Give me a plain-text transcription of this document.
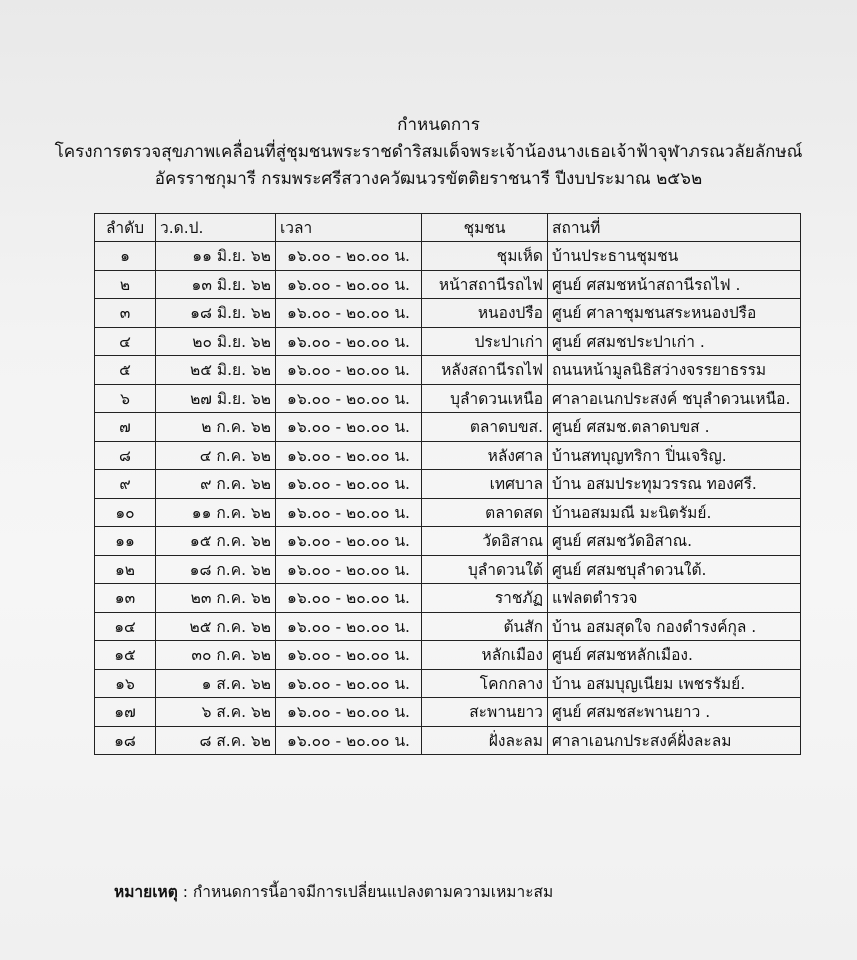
กำหนดการ
โครงการตรวจสุขภาพเคลื่อนที่สู่ชุมชนพระราชดำริสมเด็จพระเจ้าน้องนางเธอเจ้าฟ้าจุฬาภรณวลัยลักษณ์
อัครราชกุมารี กรมพระศรีสวางควัฒนวรขัตติยราชนารี ปีงบประมาณ ๒๕๖๒
ลำดับ	ว.ด.ป.	เวลา	ชุมชน	สถานที่
๑	๑๑ มิ.ย. ๖๒	๑๖.๐๐ - ๒๐.๐๐ น.	ชุมเห็ด	บ้านประธานชุมชน
๒	๑๓ มิ.ย. ๖๒	๑๖.๐๐ - ๒๐.๐๐ น.	หน้าสถานีรถไฟ	ศูนย์ ศสมชหน้าสถานีรถไฟ .
๓	๑๘ มิ.ย. ๖๒	๑๖.๐๐ - ๒๐.๐๐ น.	หนองปรือ	ศูนย์ ศาลาชุมชนสระหนองปรือ
๔	๒๐ มิ.ย. ๖๒	๑๖.๐๐ - ๒๐.๐๐ น.	ประปาเก่า	ศูนย์ ศสมชประปาเก่า .
๕	๒๕ มิ.ย. ๖๒	๑๖.๐๐ - ๒๐.๐๐ น.	หลังสถานีรถไฟ	ถนนหน้ามูลนิธิสว่างจรรยาธรรม
๖	๒๗ มิ.ย. ๖๒	๑๖.๐๐ - ๒๐.๐๐ น.	บุลำดวนเหนือ	ศาลาอเนกประสงค์ ชบุลำดวนเหนือ.
๗	๒ ก.ค. ๖๒	๑๖.๐๐ - ๒๐.๐๐ น.	ตลาดบขส.	ศูนย์ ศสมช.ตลาดบขส .
๘	๔ ก.ค. ๖๒	๑๖.๐๐ - ๒๐.๐๐ น.	หลังศาล	บ้านสทบุญทริกา ปิ่นเจริญ.
๙	๙ ก.ค. ๖๒	๑๖.๐๐ - ๒๐.๐๐ น.	เทศบาล	บ้าน อสมประทุมวรรณ ทองศรี.
๑๐	๑๑ ก.ค. ๖๒	๑๖.๐๐ - ๒๐.๐๐ น.	ตลาดสด	บ้านอสมมณี มะนิตรัมย์.
๑๑	๑๕ ก.ค. ๖๒	๑๖.๐๐ - ๒๐.๐๐ น.	วัดอิสาณ	ศูนย์ ศสมชวัดอิสาณ.
๑๒	๑๘ ก.ค. ๖๒	๑๖.๐๐ - ๒๐.๐๐ น.	บุลำดวนใต้	ศูนย์ ศสมชบุลำดวนใต้.
๑๓	๒๓ ก.ค. ๖๒	๑๖.๐๐ - ๒๐.๐๐ น.	ราชภัฏ	แฟลตตำรวจ
๑๔	๒๕ ก.ค. ๖๒	๑๖.๐๐ - ๒๐.๐๐ น.	ต้นสัก	บ้าน อสมสุดใจ กองดำรงค์กุล .
๑๕	๓๐ ก.ค. ๖๒	๑๖.๐๐ - ๒๐.๐๐ น.	หลักเมือง	ศูนย์ ศสมชหลักเมือง.
๑๖	๑ ส.ค. ๖๒	๑๖.๐๐ - ๒๐.๐๐ น.	โคกกลาง	บ้าน อสมบุญเนียม เพชรรัมย์.
๑๗	๖ ส.ค. ๖๒	๑๖.๐๐ - ๒๐.๐๐ น.	สะพานยาว	ศูนย์ ศสมชสะพานยาว .
๑๘	๘ ส.ค. ๖๒	๑๖.๐๐ - ๒๐.๐๐ น.	ฝั่งละลม	ศาลาเอนกประสงค์ฝั่งละลม
หมายเหตุ : กำหนดการนี้อาจมีการเปลี่ยนแปลงตามความเหมาะสม
